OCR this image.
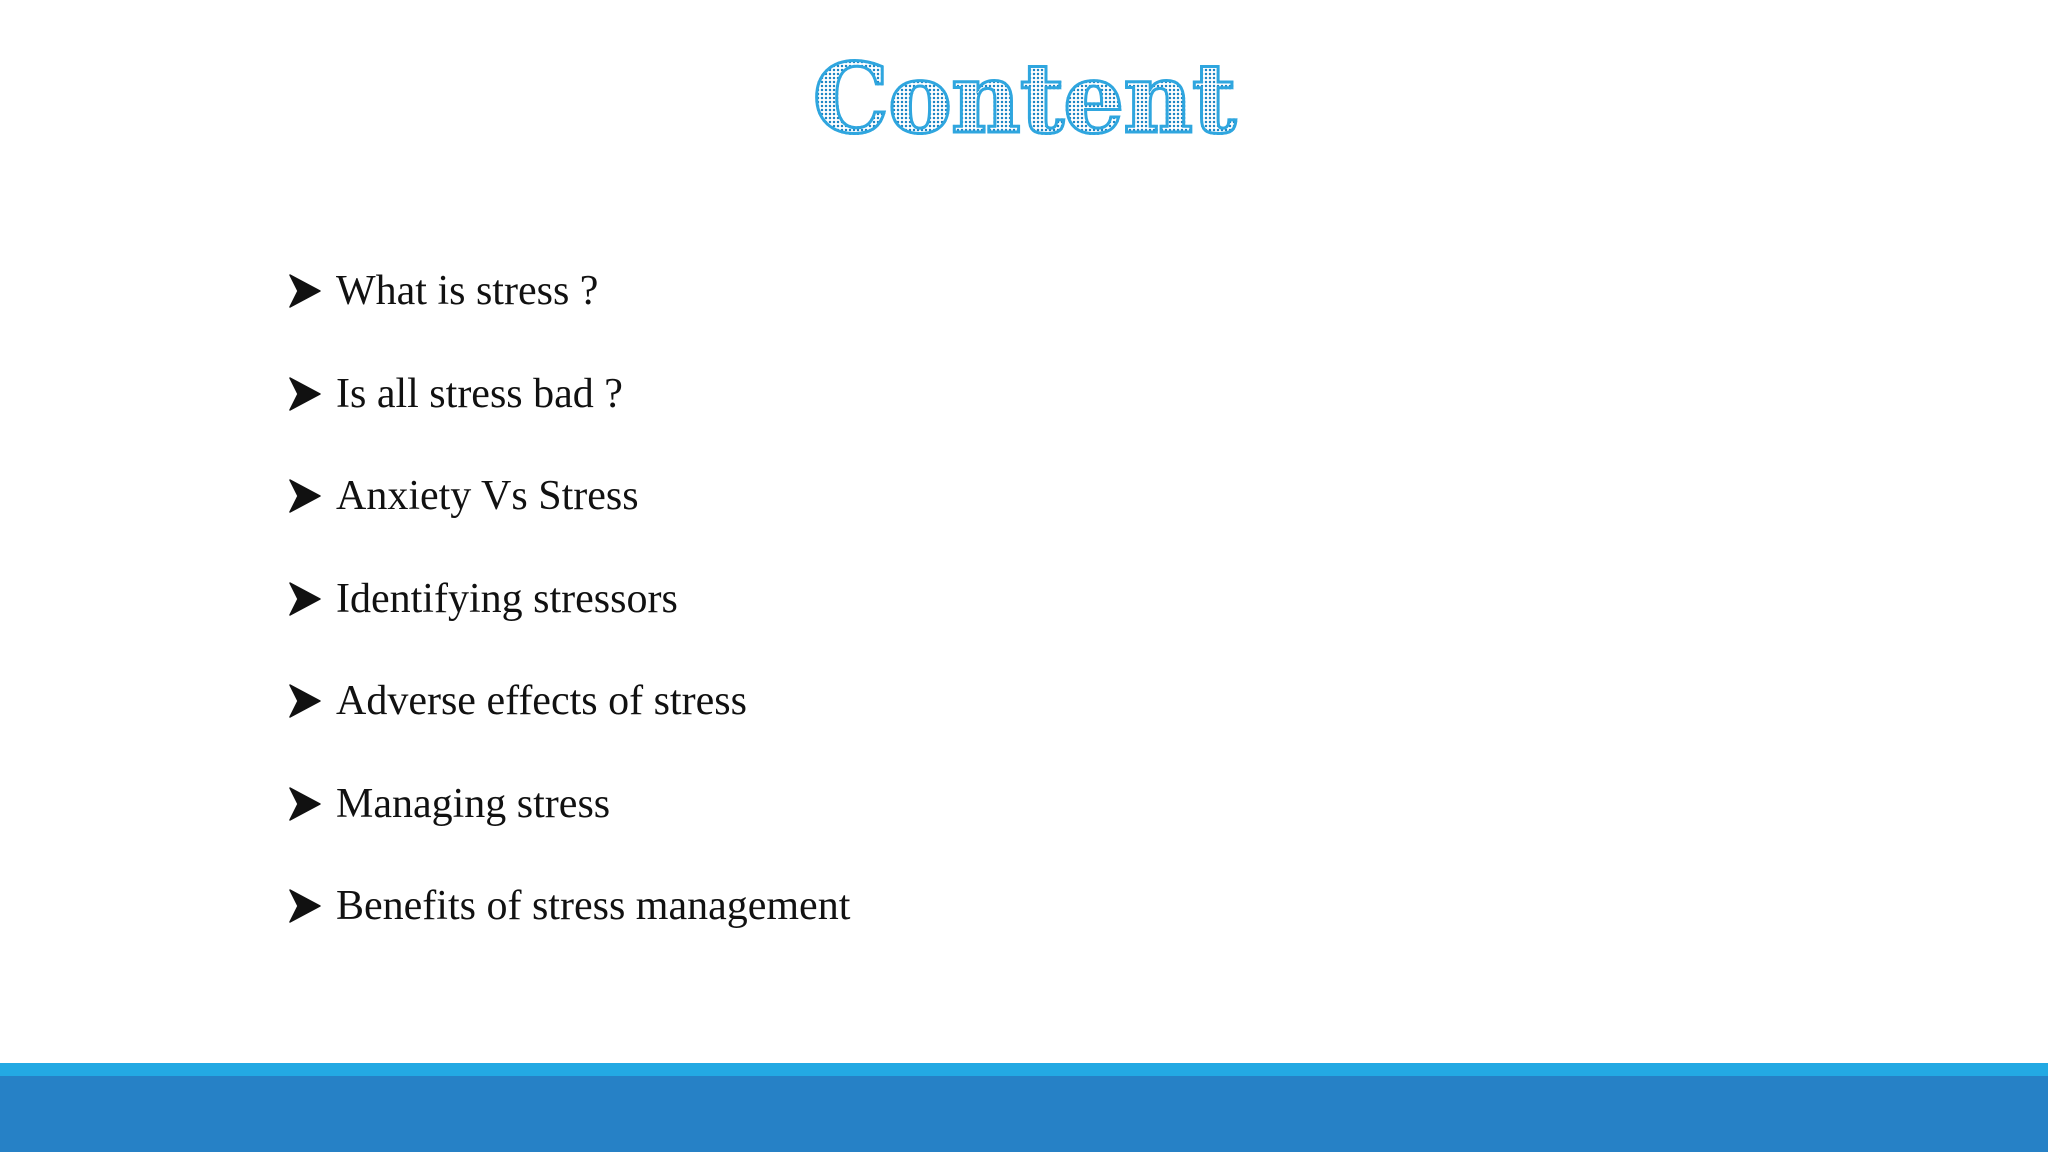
Content
What is stress ?
Is all stress bad ?
Anxiety Vs Stress
Identifying stressors
Adverse effects of stress
Managing stress
Benefits of stress management
